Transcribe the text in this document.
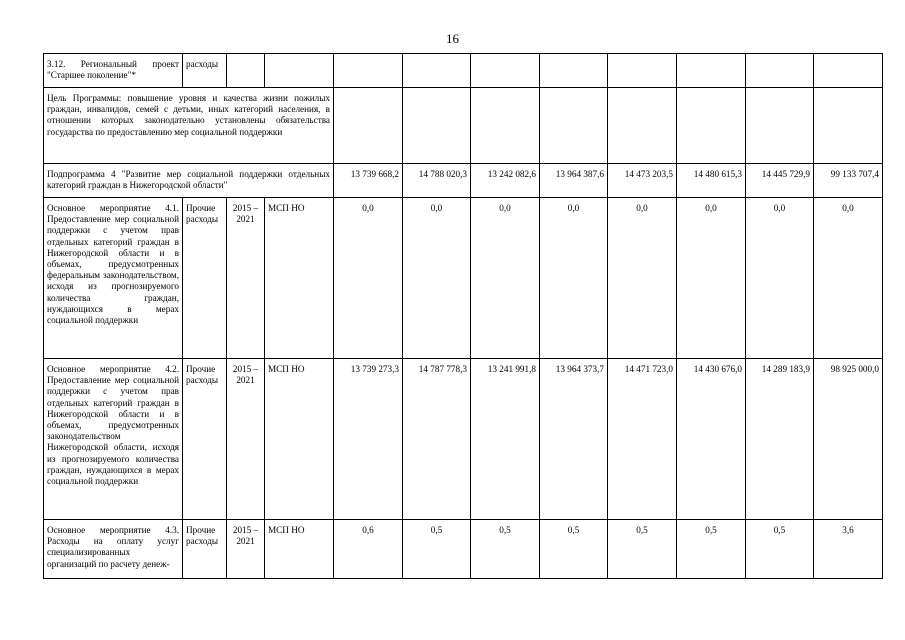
16
3.12. Региональный проект "Старшее поколение"*	расходы										
Цель Программы: повышение уровня и качества жизни пожилых граждан, инвалидов, семей с детьми, иных категорий населения, в отношении которых законодательно установлены обязательства государства по предоставлению мер социальной поддержки											
Подпрограмма 4 "Развитие мер социальной поддержки отдельных категорий граждан в Нижегородской области"				13 739 668,2	14 788 020,3	13 242 082,6	13 964 387,6	14 473 203,5	14 480 615,3	14 445 729,9	99 133 707,4
Основное мероприятие 4.1. Предоставление мер социальной поддержки с учетом прав отдельных категорий граждан в Нижегородской области и в объемах, предусмотренных федеральным законодательством, исходя из прогнозируемого количества граждан, нуждающихся в мерах социальной поддержки	Прочие расходы	2015 – 2021	МСП НО	0,0	0,0	0,0	0,0	0,0	0,0	0,0	0,0
Основное мероприятие 4.2. Предоставление мер социальной поддержки с учетом прав отдельных категорий граждан в Нижегородской области и в объемах, предусмотренных законодательством Нижегородской области, исходя из прогнозируемого количества граждан, нуждающихся в мерах социальной поддержки	Прочие расходы	2015 – 2021	МСП НО	13 739 273,3	14 787 778,3	13 241 991,8	13 964 373,7	14 471 723,0	14 430 676,0	14 289 183,9	98 925 000,0
Основное мероприятие 4.3. Расходы на оплату услуг специализированных организаций по расчету денеж-	Прочие расходы	2015 – 2021	МСП НО	0,6	0,5	0,5	0,5	0,5	0,5	0,5	3,6
